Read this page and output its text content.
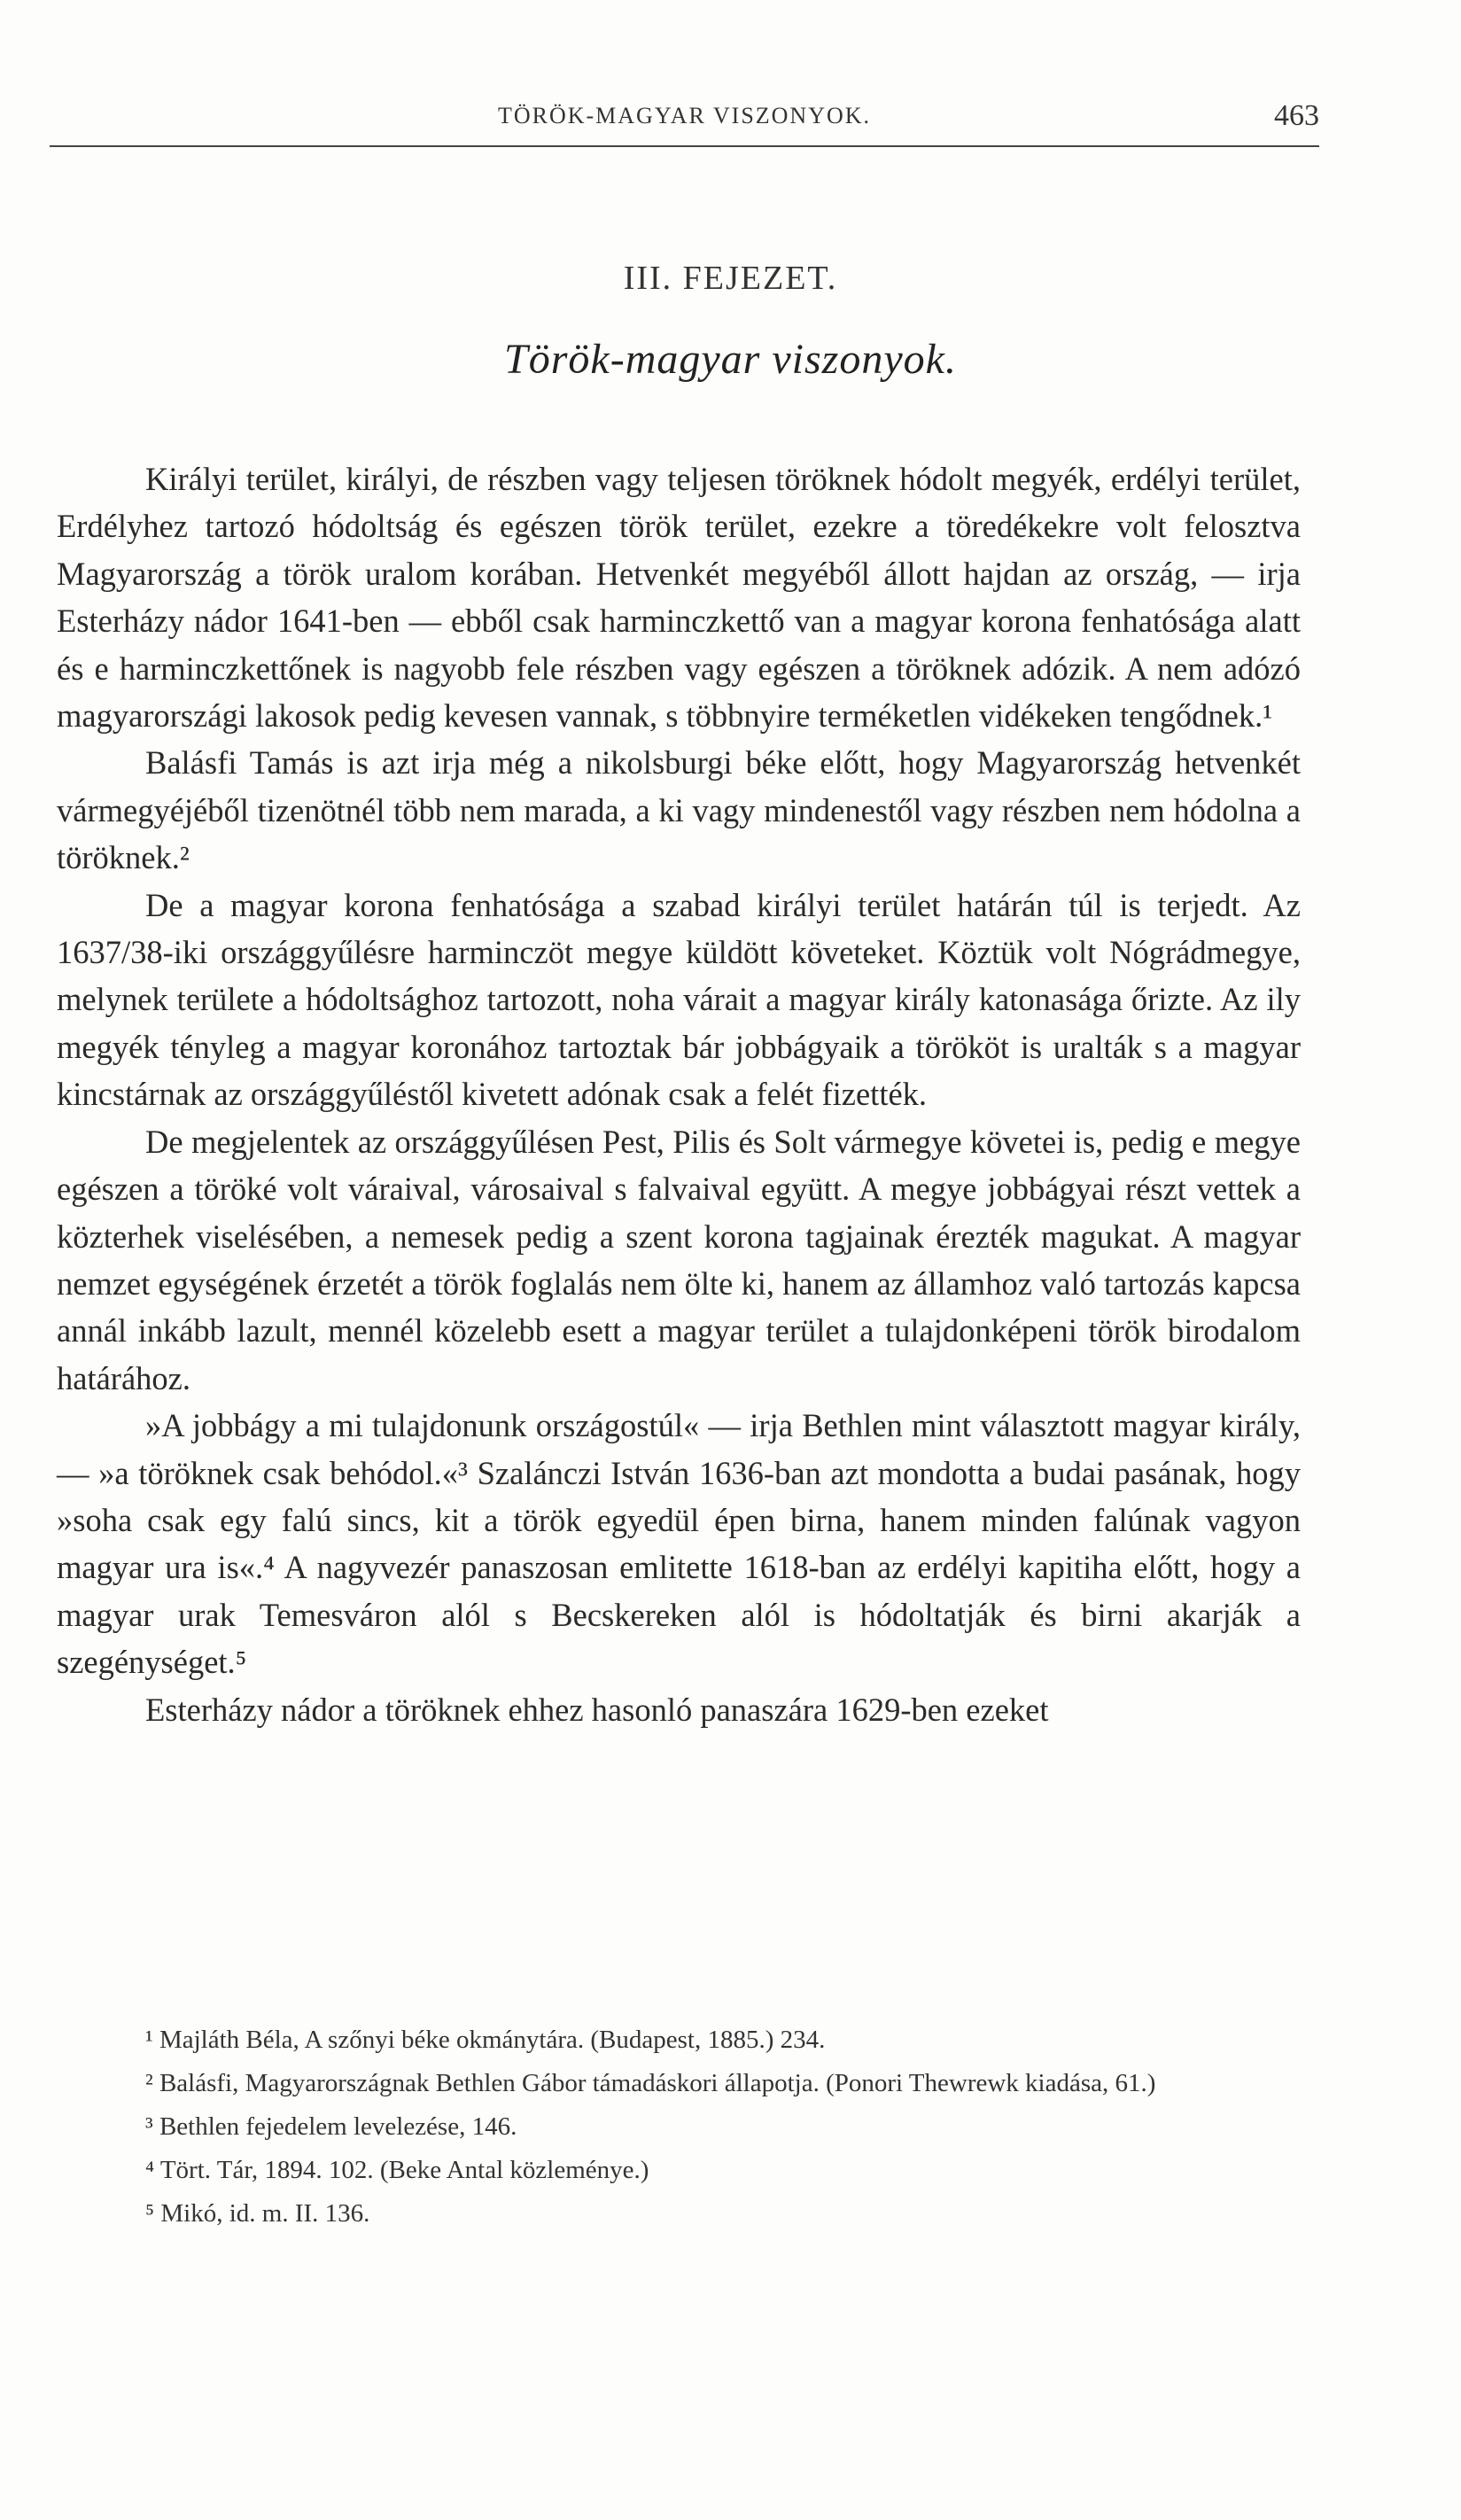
TÖRÖK-MAGYAR VISZONYOK.	463
III. FEJEZET.
Török-magyar viszonyok.

Királyi terület, királyi, de részben vagy teljesen töröknek hódolt megyék, erdélyi terület, Erdélyhez tartozó hódoltság és egészen török terület, ezekre a töredékekre volt felosztva Magyarország a török uralom korában. Hetvenkét megyéből állott hajdan az ország, — irja Esterházy nádor 1641-ben — ebből csak harminczkettő van a magyar korona fenhatósága alatt és e harminczkettőnek is nagyobb fele részben vagy egészen a töröknek adózik. A nem adózó magyarországi lakosok pedig kevesen vannak, s többnyire terméketlen vidékeken tengődnek.¹

Balásfi Tamás is azt irja még a nikolsburgi béke előtt, hogy Magyarország hetvenkét vármegyéjéből tizenötnél több nem marada, a ki vagy mindenestől vagy részben nem hódolna a töröknek.²

De a magyar korona fenhatósága a szabad királyi terület határán túl is terjedt. Az 1637/38-iki országgyűlésre harminczöt megye küldött követeket. Köztük volt Nógrádmegye, melynek területe a hódoltsághoz tartozott, noha várait a magyar király katonasága őrizte. Az ily megyék tényleg a magyar koronához tartoztak bár jobbágyaik a törököt is uralták s a magyar kincstárnak az országgyűléstől kivetett adónak csak a felét fizették.

De megjelentek az országgyűlésen Pest, Pilis és Solt vármegye követei is, pedig e megye egészen a töröké volt váraival, városaival s falvaival együtt. A megye jobbágyai részt vettek a közterhek viselésében, a nemesek pedig a szent korona tagjainak érezték magukat. A magyar nemzet egységének érzetét a török foglalás nem ölte ki, hanem az államhoz való tartozás kapcsa annál inkább lazult, mennél közelebb esett a magyar terület a tulajdonképeni török birodalom határához.

»A jobbágy a mi tulajdonunk országostúl« — irja Bethlen mint választott magyar király, — »a töröknek csak behódol.«³ Szalánczi István 1636-ban azt mondotta a budai pasának, hogy »soha csak egy falú sincs, kit a török egyedül épen birna, hanem minden falúnak vagyon magyar ura is«.⁴ A nagyvezér panaszosan emlitette 1618-ban az erdélyi kapitiha előtt, hogy a magyar urak Temesváron alól s Becskereken alól is hódoltatják és birni akarják a szegénységet.⁵

Esterházy nádor a töröknek ehhez hasonló panaszára 1629-ben ezeket

¹ Majláth Béla, A szőnyi béke okmánytára. (Budapest, 1885.) 234.

² Balásfi, Magyarországnak Bethlen Gábor támadáskori állapotja. (Ponori Thewrewk kiadása, 61.)

³ Bethlen fejedelem levelezése, 146.

⁴ Tört. Tár, 1894. 102. (Beke Antal közleménye.)

⁵ Mikó, id. m. II. 136.
